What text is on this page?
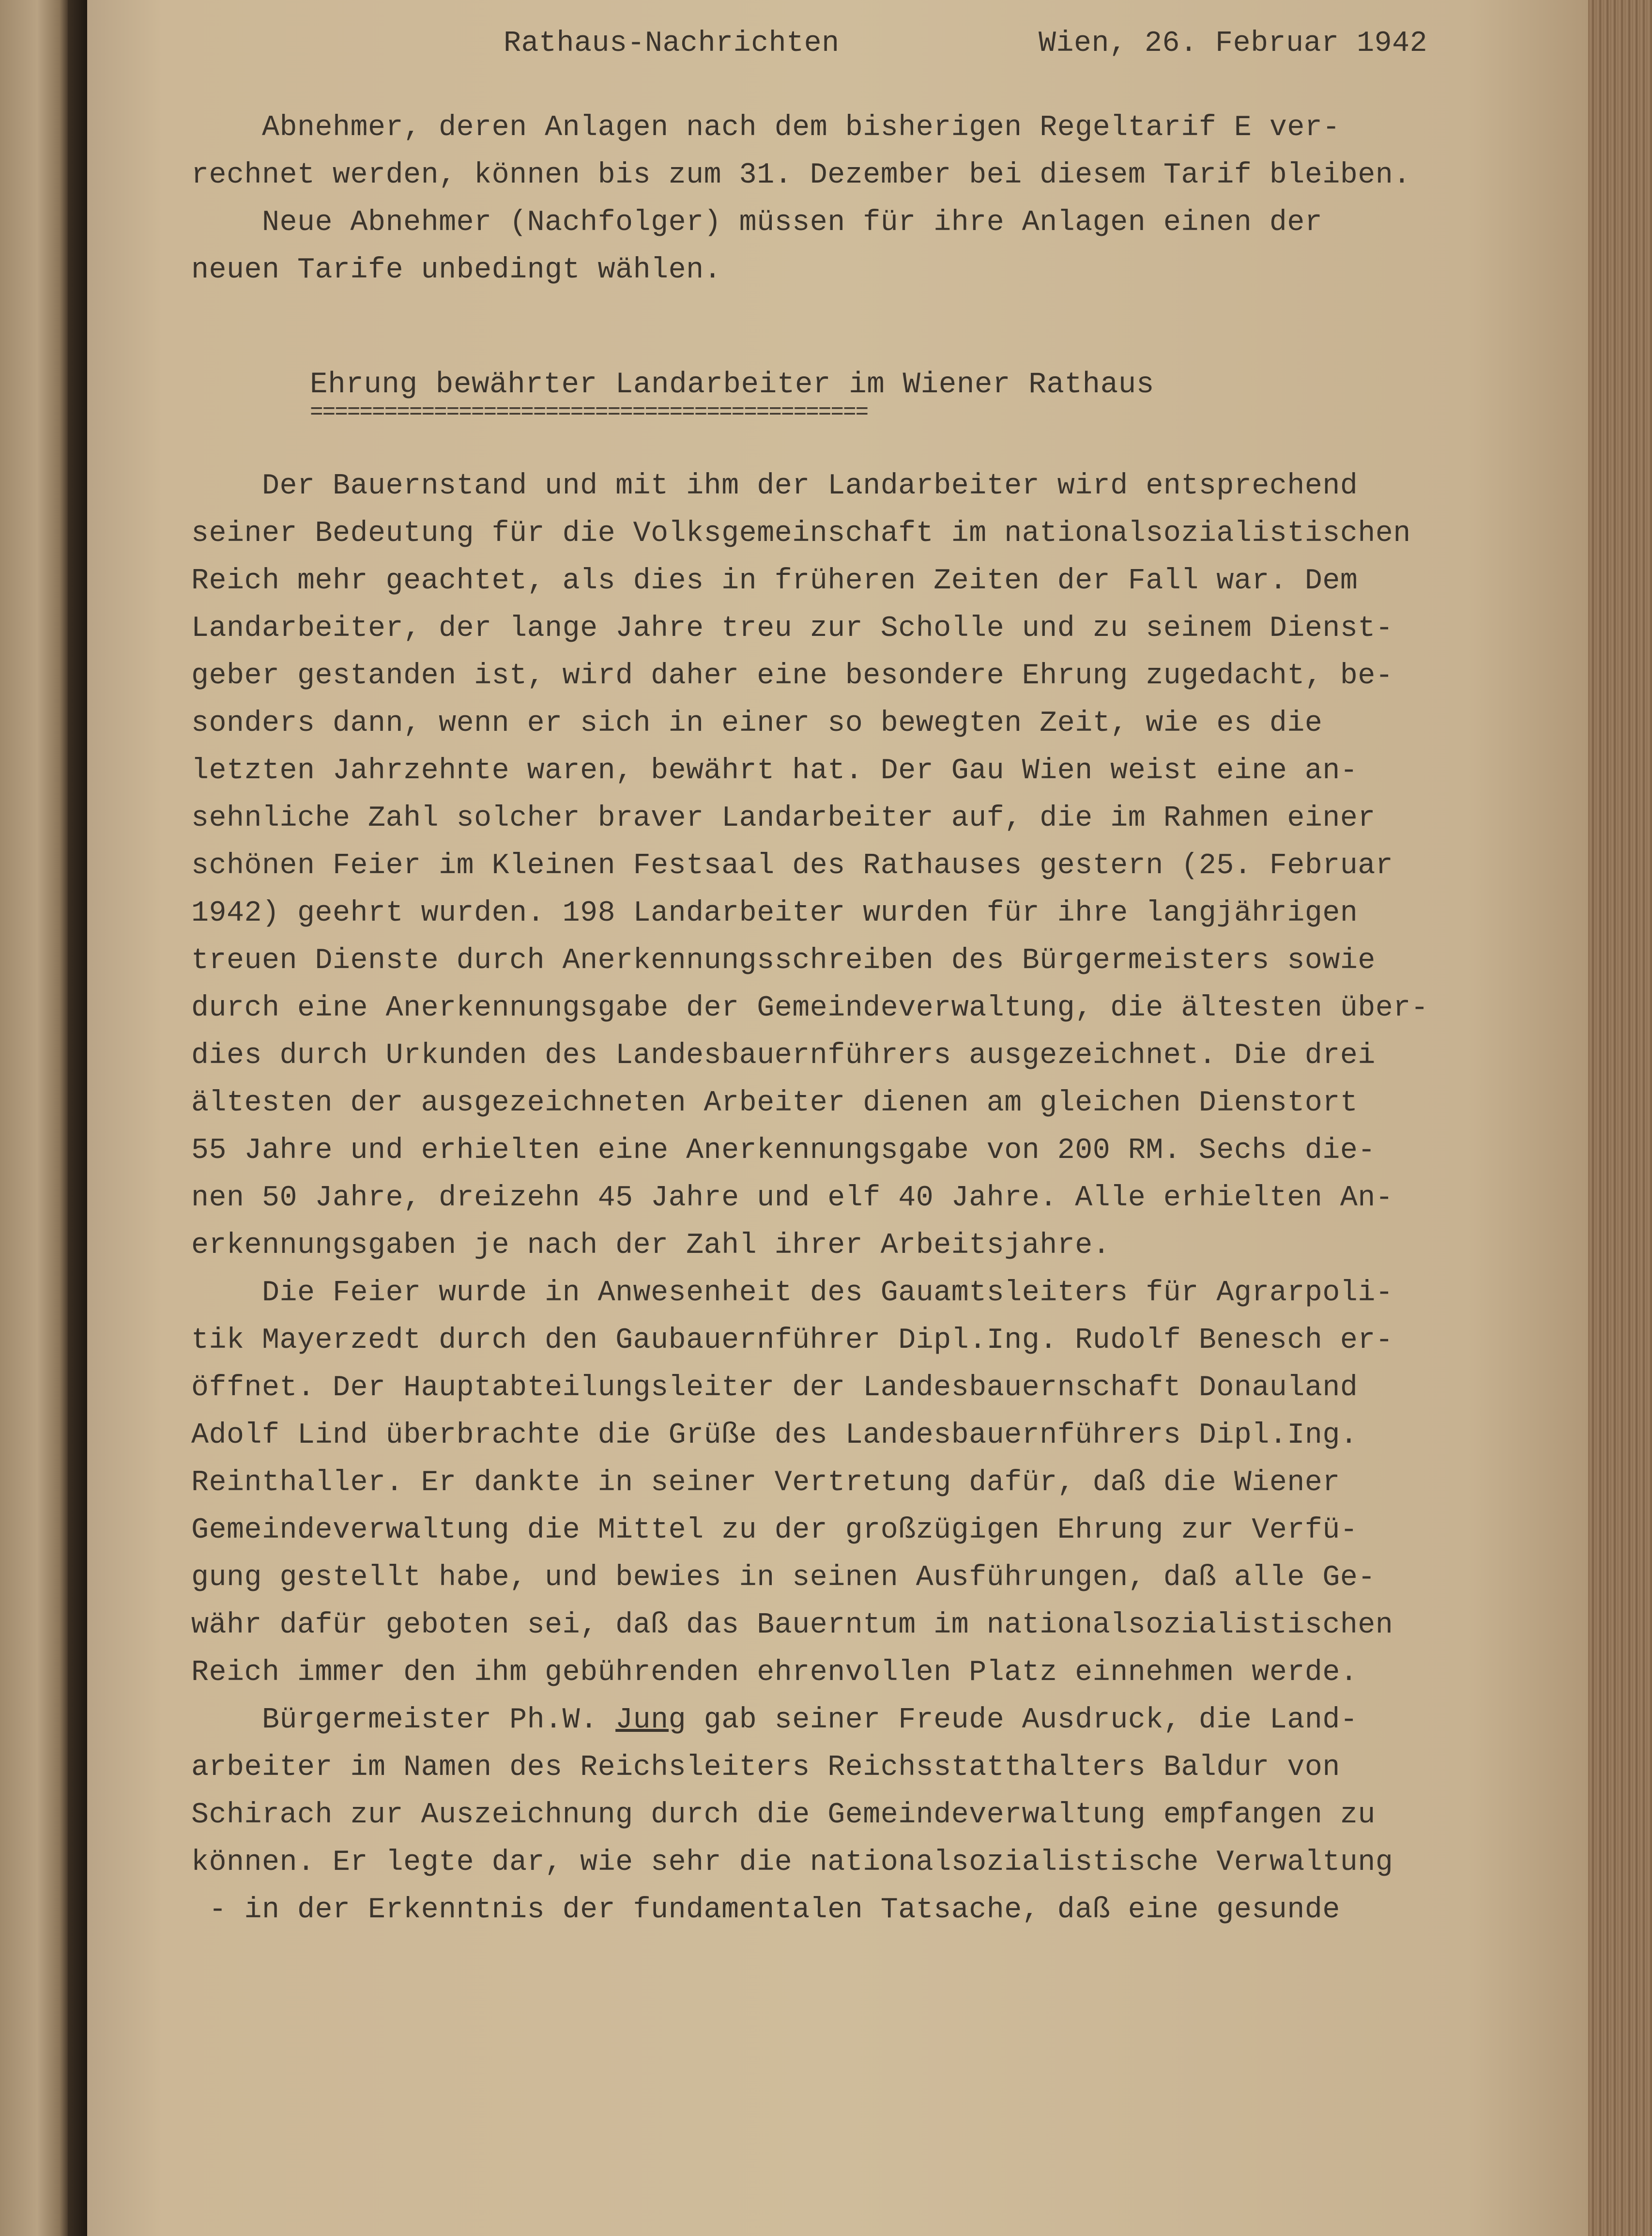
Rathaus-Nachrichten	Wien, 26. Februar 1942
Abnehmer, deren Anlagen nach dem bisherigen Regeltarif E ver-
rechnet werden, können bis zum 31. Dezember bei diesem Tarif bleiben.
Neue Abnehmer (Nachfolger) müssen für ihre Anlagen einen der
neuen Tarife unbedingt wählen.
Ehrung bewährter Landarbeiter im Wiener Rathaus
=============================================
Der Bauernstand und mit ihm der Landarbeiter wird entsprechend
seiner Bedeutung für die Volksgemeinschaft im nationalsozialistischen
Reich mehr geachtet, als dies in früheren Zeiten der Fall war. Dem
Landarbeiter, der lange Jahre treu zur Scholle und zu seinem Dienst-
geber gestanden ist, wird daher eine besondere Ehrung zugedacht, be-
sonders dann, wenn er sich in einer so bewegten Zeit, wie es die
letzten Jahrzehnte waren, bewährt hat. Der Gau Wien weist eine an-
sehnliche Zahl solcher braver Landarbeiter auf, die im Rahmen einer
schönen Feier im Kleinen Festsaal des Rathauses gestern (25. Februar
1942) geehrt wurden. 198 Landarbeiter wurden für ihre langjährigen
treuen Dienste durch Anerkennungsschreiben des Bürgermeisters sowie
durch eine Anerkennungsgabe der Gemeindeverwaltung, die ältesten über-
dies durch Urkunden des Landesbauernführers ausgezeichnet. Die drei
ältesten der ausgezeichneten Arbeiter dienen am gleichen Dienstort
55 Jahre und erhielten eine Anerkennungsgabe von 200 RM. Sechs die-
nen 50 Jahre, dreizehn 45 Jahre und elf 40 Jahre. Alle erhielten An-
erkennungsgaben je nach der Zahl ihrer Arbeitsjahre.
Die Feier wurde in Anwesenheit des Gauamtsleiters für Agrarpoli-
tik Mayerzedt durch den Gaubauernführer Dipl.Ing. Rudolf Benesch er-
öffnet. Der Hauptabteilungsleiter der Landesbauernschaft Donauland
Adolf Lind überbrachte die Grüße des Landesbauernführers Dipl.Ing.
Reinthaller. Er dankte in seiner Vertretung dafür, daß die Wiener
Gemeindeverwaltung die Mittel zu der großzügigen Ehrung zur Verfü-
gung gestellt habe, und bewies in seinen Ausführungen, daß alle Ge-
währ dafür geboten sei, daß das Bauerntum im nationalsozialistischen
Reich immer den ihm gebührenden ehrenvollen Platz einnehmen werde.
Bürgermeister Ph.W. Jung gab seiner Freude Ausdruck, die Land-
arbeiter im Namen des Reichsleiters Reichsstatthalters Baldur von
Schirach zur Auszeichnung durch die Gemeindeverwaltung empfangen zu
können. Er legte dar, wie sehr die nationalsozialistische Verwaltung
- in der Erkenntnis der fundamentalen Tatsache, daß eine gesunde
